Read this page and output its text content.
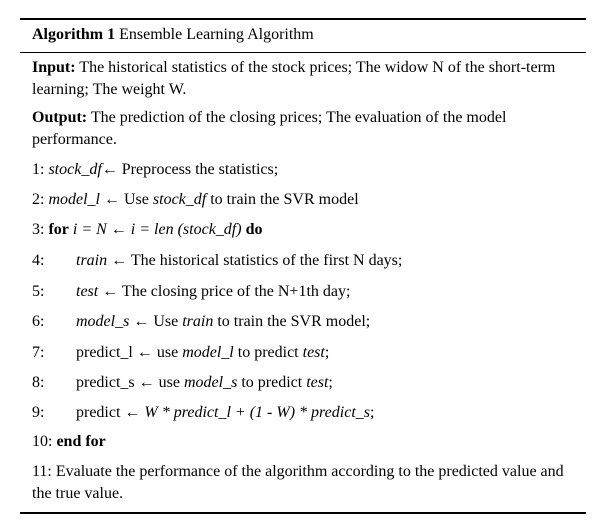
Algorithm 1 Ensemble Learning Algorithm
Input: The historical statistics of the stock prices; The widow N of the short-term learning; The weight W.
Output: The prediction of the closing prices; The evaluation of the model performance.
1: stock_df← Preprocess the statistics;
2: model_l ← Use stock_df to train the SVR model
3: for i = N ← i = len (stock_df) do
4: train ← The historical statistics of the first N days;
5: test ← The closing price of the N+1th day;
6: model_s ← Use train to train the SVR model;
7: predict_l ← use model_l to predict test;
8: predict_s ← use model_s to predict test;
9: predict ← W * predict_l + (1 - W) * predict_s;
10: end for
11: Evaluate the performance of the algorithm according to the predicted value and the true value.
